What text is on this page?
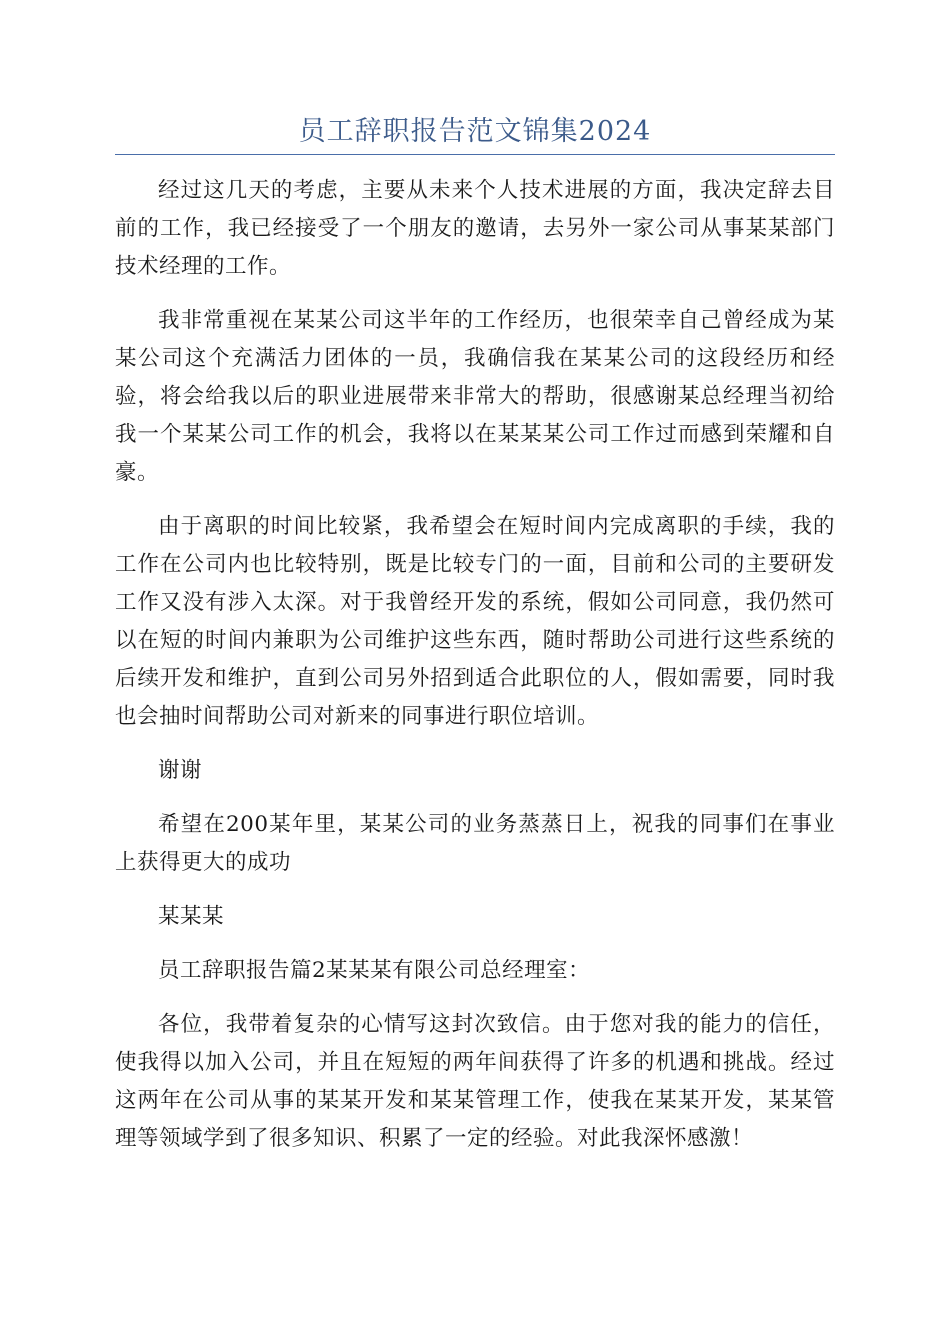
员工辞职报告范文锦集2024

经过这几天的考虑，主要从未来个人技术进展的方面，我决定辞去目前的工作，我已经接受了一个朋友的邀请，去另外一家公司从事某某部门技术经理的工作。

我非常重视在某某公司这半年的工作经历，也很荣幸自己曾经成为某某公司这个充满活力团体的一员，我确信我在某某公司的这段经历和经验，将会给我以后的职业进展带来非常大的帮助，很感谢某总经理当初给我一个某某公司工作的机会，我将以在某某某公司工作过而感到荣耀和自豪。

由于离职的时间比较紧，我希望会在短时间内完成离职的手续，我的工作在公司内也比较特别，既是比较专门的一面，目前和公司的主要研发工作又没有涉入太深。对于我曾经开发的系统，假如公司同意，我仍然可以在短的时间内兼职为公司维护这些东西，随时帮助公司进行这些系统的后续开发和维护，直到公司另外招到适合此职位的人，假如需要，同时我也会抽时间帮助公司对新来的同事进行职位培训。

谢谢

希望在200某年里，某某公司的业务蒸蒸日上，祝我的同事们在事业上获得更大的成功

某某某

员工辞职报告篇2某某某有限公司总经理室：

各位，我带着复杂的心情写这封次致信。由于您对我的能力的信任，使我得以加入公司，并且在短短的两年间获得了许多的机遇和挑战。经过这两年在公司从事的某某开发和某某管理工作，使我在某某开发，某某管理等领域学到了很多知识、积累了一定的经验。对此我深怀感激！
